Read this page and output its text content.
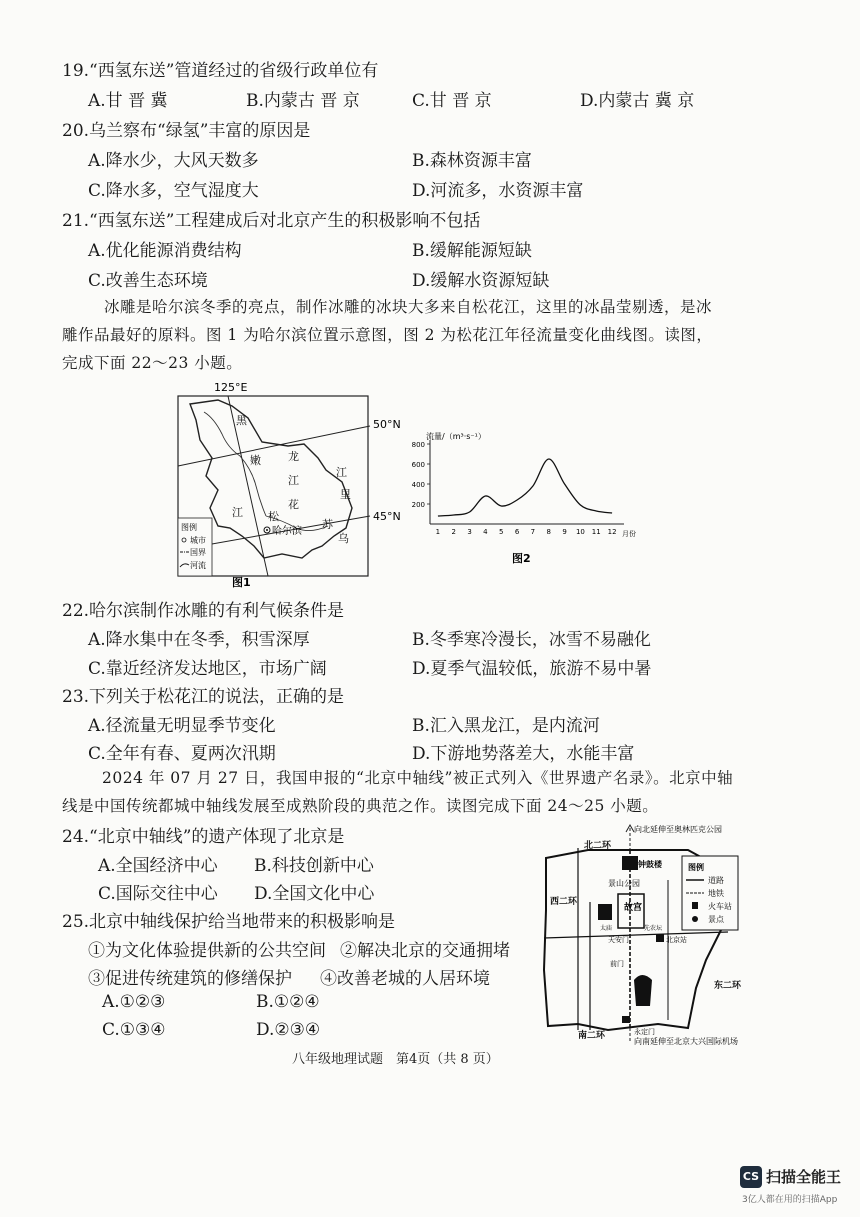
19.“西氢东送”管道经过的省级行政单位有
A.甘 晋 冀	B.内蒙古 晋 京	C.甘 晋 京	D.内蒙古 冀 京
20.乌兰察布“绿氢”丰富的原因是
A.降水少，大风天数多	B.森林资源丰富
C.降水多，空气湿度大	D.河流多，水资源丰富
21.“西氢东送”工程建成后对北京产生的积极影响不包括
A.优化能源消费结构	B.缓解能源短缺
C.改善生态环境	D.缓解水资源短缺
冰雕是哈尔滨冬季的亮点，制作冰雕的冰块大多来自松花江，这里的冰晶莹剔透，是冰
雕作品最好的原料。图 1 为哈尔滨位置示意图，图 2 为松花江年径流量变化曲线图。读图，
完成下面 22～23 小题。
125°E
50°N
45°N
黑
龙
江
嫩
江
花
松
江
苏
里
乌
哈尔滨
图例
城市
国界
河流
图1
流量/（m³·s⁻¹）
200
400
600
800
1 2 3 4 5 6 7 8 9 10 11 12 月份
图2
22.哈尔滨制作冰雕的有利气候条件是
A.降水集中在冬季，积雪深厚	B.冬季寒冷漫长，冰雪不易融化
C.靠近经济发达地区，市场广阔	D.夏季气温较低，旅游不易中暑
23.下列关于松花江的说法，正确的是
A.径流量无明显季节变化	B.汇入黑龙江，是内流河
C.全年有春、夏两次汛期	D.下游地势落差大，水能丰富
2024 年 07 月 27 日，我国申报的“北京中轴线”被正式列入《世界遗产名录》。北京中轴
线是中国传统都城中轴线发展至成熟阶段的典范之作。读图完成下面 24～25 小题。
24.“北京中轴线”的遗产体现了北京是
A.全国经济中心 B.科技创新中心
C.国际交往中心 D.全国文化中心
25.北京中轴线保护给当地带来的积极影响是
①为文化体验提供新的公共空间 ②解决北京的交通拥堵
③促进传统建筑的修缮保护 ④改善老城的人居环境
A.①②③	B.①②④
C.①③④	D.②③④
向北延伸至奥林匹克公园
北二环
西二环
东二环
南二环
钟鼓楼
景山公园
故宫
太庙	先农坛
天安门
前门
北京站
永定门
向南延伸至北京大兴国际机场
图例
道路
地铁
火车站
景点
八年级地理试题　第4页（共 8 页）
CS 扫描全能王
3亿人都在用的扫描App
